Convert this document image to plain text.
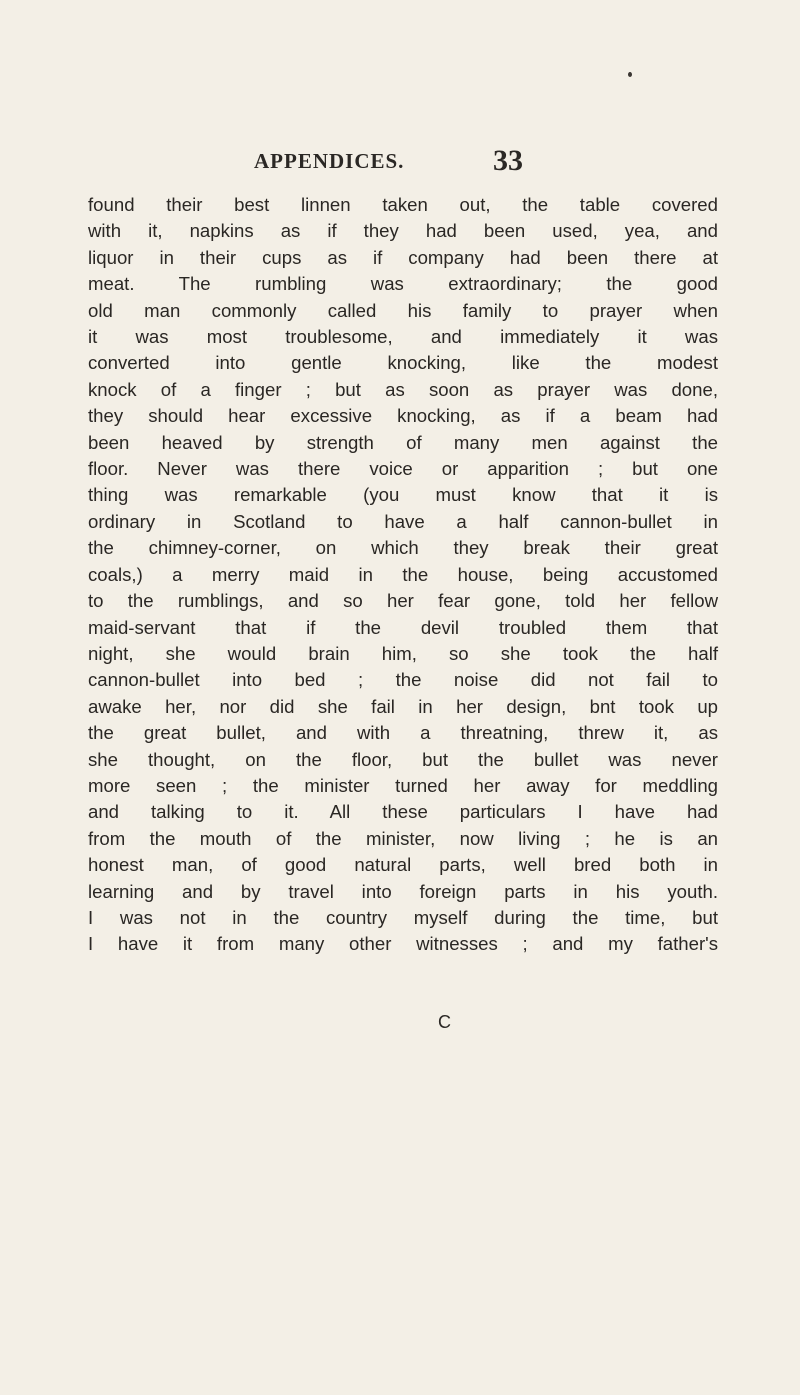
APPENDICES.	33
found their best linnen taken out, the table covered
with it, napkins as if they had been used, yea, and
liquor in their cups as if company had been there at
meat. The rumbling was extraordinary; the good
old man commonly called his family to prayer when
it was most troublesome, and immediately it was
converted into gentle knocking, like the modest
knock of a finger ; but as soon as prayer was done,
they should hear excessive knocking, as if a beam had
been heaved by strength of many men against the
floor. Never was there voice or apparition ; but one
thing was remarkable (you must know that it is
ordinary in Scotland to have a half cannon-bullet in
the chimney-corner, on which they break their great
coals,) a merry maid in the house, being accustomed
to the rumblings, and so her fear gone, told her fellow
maid-servant that if the devil troubled them that
night, she would brain him, so she took the half
cannon-bullet into bed ; the noise did not fail to
awake her, nor did she fail in her design, bnt took up
the great bullet, and with a threatning, threw it, as
she thought, on the floor, but the bullet was never
more seen ; the minister turned her away for meddling
and talking to it. All these particulars I have had
from the mouth of the minister, now living ; he is an
honest man, of good natural parts, well bred both in
learning and by travel into foreign parts in his youth.
I was not in the country myself during the time, but
I have it from many other witnesses ; and my father's
C
